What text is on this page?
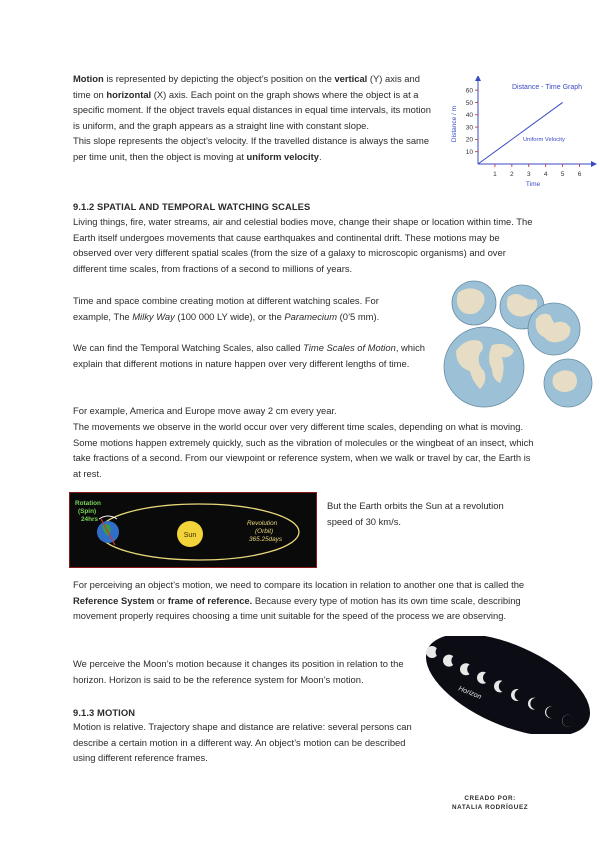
Motion is represented by depicting the object’s position on the vertical (Y) axis and time on horizontal (X) axis. Each point on the graph shows where the object is at a specific moment. If the object travels equal distances in equal time intervals, its motion is uniform, and the graph appears as a straight line with constant slope.
This slope represents the object’s velocity. If the travelled distance is always the same per time unit, then the object is moving at uniform velocity.
1 2 3 4 5 6
10
20
30
40
50
60
Uniform Velocity
Distance - Time Graph
Time
Distance / m
9.1.2 SPATIAL AND TEMPORAL WATCHING SCALES
Living things, fire, water streams, air and celestial bodies move, change their shape or location within time. The Earth itself undergoes movements that cause earthquakes and continental drift. These motions may be observed over very different spatial scales (from the size of a galaxy to microscopic organisms) and over different time scales, from fractions of a second to millions of years.
Time and space combine creating motion at different watching scales. For example, The Milky Way (100 000 LY wide), or the Paramecium (0’5 mm).
We can find the Temporal Watching Scales, also called Time Scales of Motion, which explain that different motions in nature happen over very different lengths of time.
For example, America and Europe move away 2 cm every year.
The movements we observe in the world occur over very different time scales, depending on what is moving. Some motions happen extremely quickly, such as the vibration of molecules or the wingbeat of an insect, which take fractions of a second. From our viewpoint or reference system, when we walk or travel by car, the Earth is at rest.
Sun
Rotation
(Spin)
24hrs
Revolution
(Orbit)
365.25days
But the Earth orbits the Sun at a revolution speed of 30 km/s.
For perceiving an object’s motion, we need to compare its location in relation to another one that is called the Reference System or frame of reference. Because every type of motion has its own time scale, describing movement properly requires choosing a time unit suitable for the speed of the process we are observing.
We perceive the Moon’s motion because it changes its position in relation to the horizon. Horizon is said to be the reference system for Moon’s motion.
Horizon
9.1.3 MOTION
Motion is relative. Trajectory shape and distance are relative: several persons can describe a certain motion in a different way. An object’s motion can be described using different reference frames.
CREADO POR:
NATALIA RODRÍGUEZ
